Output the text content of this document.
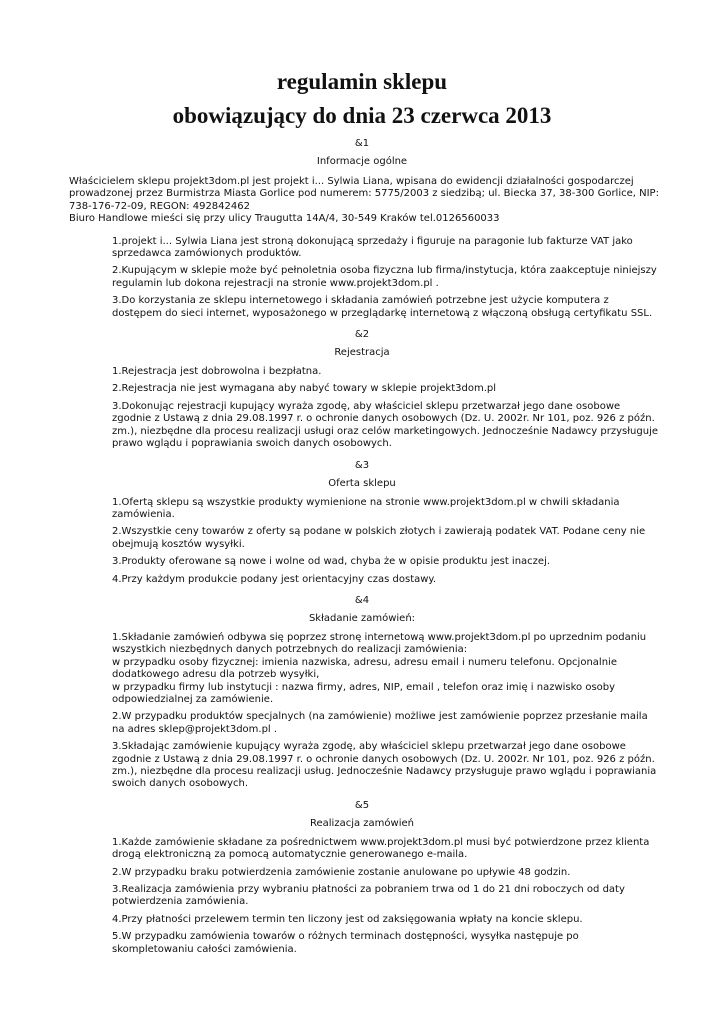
regulamin sklepu
obowiązujący do dnia 23 czerwca 2013

&1

Informacje ogólne

Właścicielem sklepu projekt3dom.pl jest projekt i... Sylwia Liana, wpisana do ewidencji działalności gospodarczej prowadzonej przez Burmistrza Miasta Gorlice pod numerem: 5775/2003 z siedzibą; ul. Biecka 37, 38-300 Gorlice, NIP: 738-176-72-09, REGON: 492842462

Biuro Handlowe mieści się przy ulicy Traugutta 14A/4, 30-549 Kraków tel.0126560033

1.projekt i... Sylwia Liana jest stroną dokonującą sprzedaży i figuruje na paragonie lub fakturze VAT jako sprzedawca zamówionych produktów.

2.Kupującym w sklepie może być pełnoletnia osoba fizyczna lub firma/instytucja, która zaakceptuje niniejszy regulamin lub dokona rejestracji na stronie www.projekt3dom.pl .

3.Do korzystania ze sklepu internetowego i składania zamówień potrzebne jest użycie komputera z dostępem do sieci internet, wyposażonego w przeglądarkę internetową z włączoną obsługą certyfikatu SSL.

&2

Rejestracja

1.Rejestracja jest dobrowolna i bezpłatna.

2.Rejestracja nie jest wymagana aby nabyć towary w sklepie projekt3dom.pl

3.Dokonując rejestracji kupujący wyraża zgodę, aby właściciel sklepu przetwarzał jego dane osobowe zgodnie z Ustawą z dnia 29.08.1997 r. o ochronie danych osobowych (Dz. U. 2002r. Nr 101, poz. 926 z późn. zm.), niezbędne dla procesu realizacji usługi oraz celów marketingowych. Jednocześnie Nadawcy przysługuje prawo wglądu i poprawiania swoich danych osobowych.

&3

Oferta sklepu

1.Ofertą sklepu są wszystkie produkty wymienione na stronie www.projekt3dom.pl w chwili składania zamówienia.

2.Wszystkie ceny towarów z oferty są podane w polskich złotych i zawierają podatek VAT. Podane ceny nie obejmują kosztów wysyłki.

3.Produkty oferowane są nowe i wolne od wad, chyba że w opisie produktu jest inaczej.

4.Przy każdym produkcie podany jest orientacyjny czas dostawy.

&4

Składanie zamówień:

1.Składanie zamówień odbywa się poprzez stronę internetową www.projekt3dom.pl po uprzednim podaniu wszystkich niezbędnych danych potrzebnych do realizacji zamówienia:
w przypadku osoby fizycznej: imienia nazwiska, adresu, adresu email i numeru telefonu. Opcjonalnie dodatkowego adresu dla potrzeb wysyłki,
w przypadku firmy lub instytucji : nazwa firmy, adres, NIP, email , telefon oraz imię i nazwisko osoby odpowiedzialnej za zamówienie.

2.W przypadku produktów specjalnych (na zamówienie) możliwe jest zamówienie poprzez przesłanie maila na adres sklep@projekt3dom.pl .

3.Składając zamówienie kupujący wyraża zgodę, aby właściciel sklepu przetwarzał jego dane osobowe zgodnie z Ustawą z dnia 29.08.1997 r. o ochronie danych osobowych (Dz. U. 2002r. Nr 101, poz. 926 z późn. zm.), niezbędne dla procesu realizacji usług. Jednocześnie Nadawcy przysługuje prawo wglądu i poprawiania swoich danych osobowych.

&5

Realizacja zamówień

1.Każde zamówienie składane za pośrednictwem www.projekt3dom.pl musi być potwierdzone przez klienta drogą elektroniczną za pomocą automatycznie generowanego e-maila.

2.W przypadku braku potwierdzenia zamówienie zostanie anulowane po upływie 48 godzin.

3.Realizacja zamówienia przy wybraniu płatności za pobraniem trwa od 1 do 21 dni roboczych od daty potwierdzenia zamówienia.

4.Przy płatności przelewem termin ten liczony jest od zaksięgowania wpłaty na koncie sklepu.

5.W przypadku zamówienia towarów o różnych terminach dostępności, wysyłka następuje po skompletowaniu całości zamówienia.
